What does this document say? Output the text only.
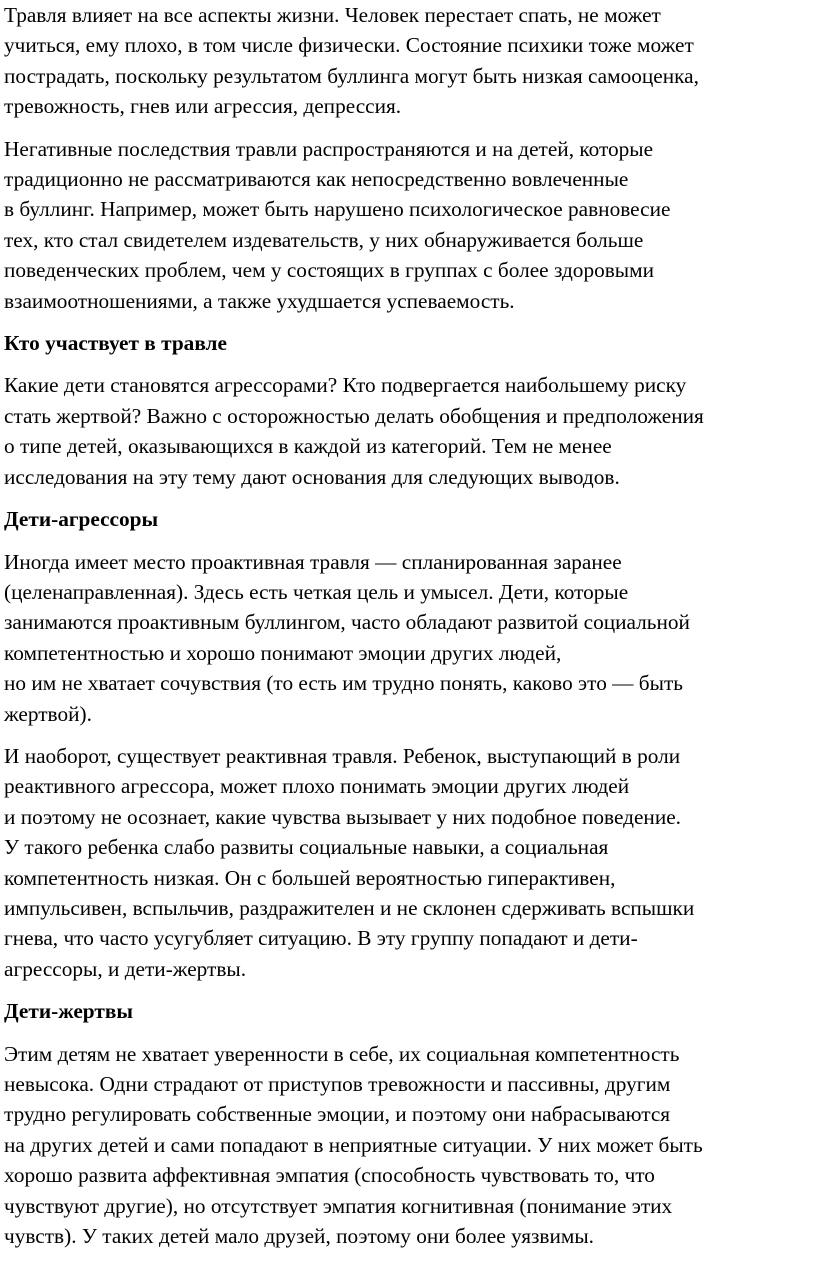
Травля влияет на все аспекты жизни. Человек перестает спать, не может
учиться, ему плохо, в том числе физически. Состояние психики тоже может
пострадать, поскольку результатом буллинга могут быть низкая самооценка,
тревожность, гнев или агрессия, депрессия.
Негативные последствия травли распространяются и на детей, которые
традиционно не рассматриваются как непосредственно вовлеченные
в буллинг. Например, может быть нарушено психологическое равновесие
тех, кто стал свидетелем издевательств, у них обнаруживается больше
поведенческих проблем, чем у состоящих в группах с более здоровыми
взаимоотношениями, а также ухудшается успеваемость.
Кто участвует в травле
Какие дети становятся агрессорами? Кто подвергается наибольшему риску
стать жертвой? Важно с осторожностью делать обобщения и предположения
о типе детей, оказывающихся в каждой из категорий. Тем не менее
исследования на эту тему дают основания для следующих выводов.
Дети-агрессоры
Иногда имеет место проактивная травля — спланированная заранее
(целенаправленная). Здесь есть четкая цель и умысел. Дети, которые
занимаются проактивным буллингом, часто обладают развитой социальной
компетентностью и хорошо понимают эмоции других людей,
но им не хватает сочувствия (то есть им трудно понять, каково это — быть
жертвой).
И наоборот, существует реактивная травля. Ребенок, выступающий в роли
реактивного агрессора, может плохо понимать эмоции других людей
и поэтому не осознает, какие чувства вызывает у них подобное поведение.
У такого ребенка слабо развиты социальные навыки, а социальная
компетентность низкая. Он с большей вероятностью гиперактивен,
импульсивен, вспыльчив, раздражителен и не склонен сдерживать вспышки
гнева, что часто усугубляет ситуацию. В эту группу попадают и дети-
агрессоры, и дети-жертвы.
Дети-жертвы
Этим детям не хватает уверенности в себе, их социальная компетентность
невысока. Одни страдают от приступов тревожности и пассивны, другим
трудно регулировать собственные эмоции, и поэтому они набрасываются
на других детей и сами попадают в неприятные ситуации. У них может быть
хорошо развита аффективная эмпатия (способность чувствовать то, что
чувствуют другие), но отсутствует эмпатия когнитивная (понимание этих
чувств). У таких детей мало друзей, поэтому они более уязвимы.
